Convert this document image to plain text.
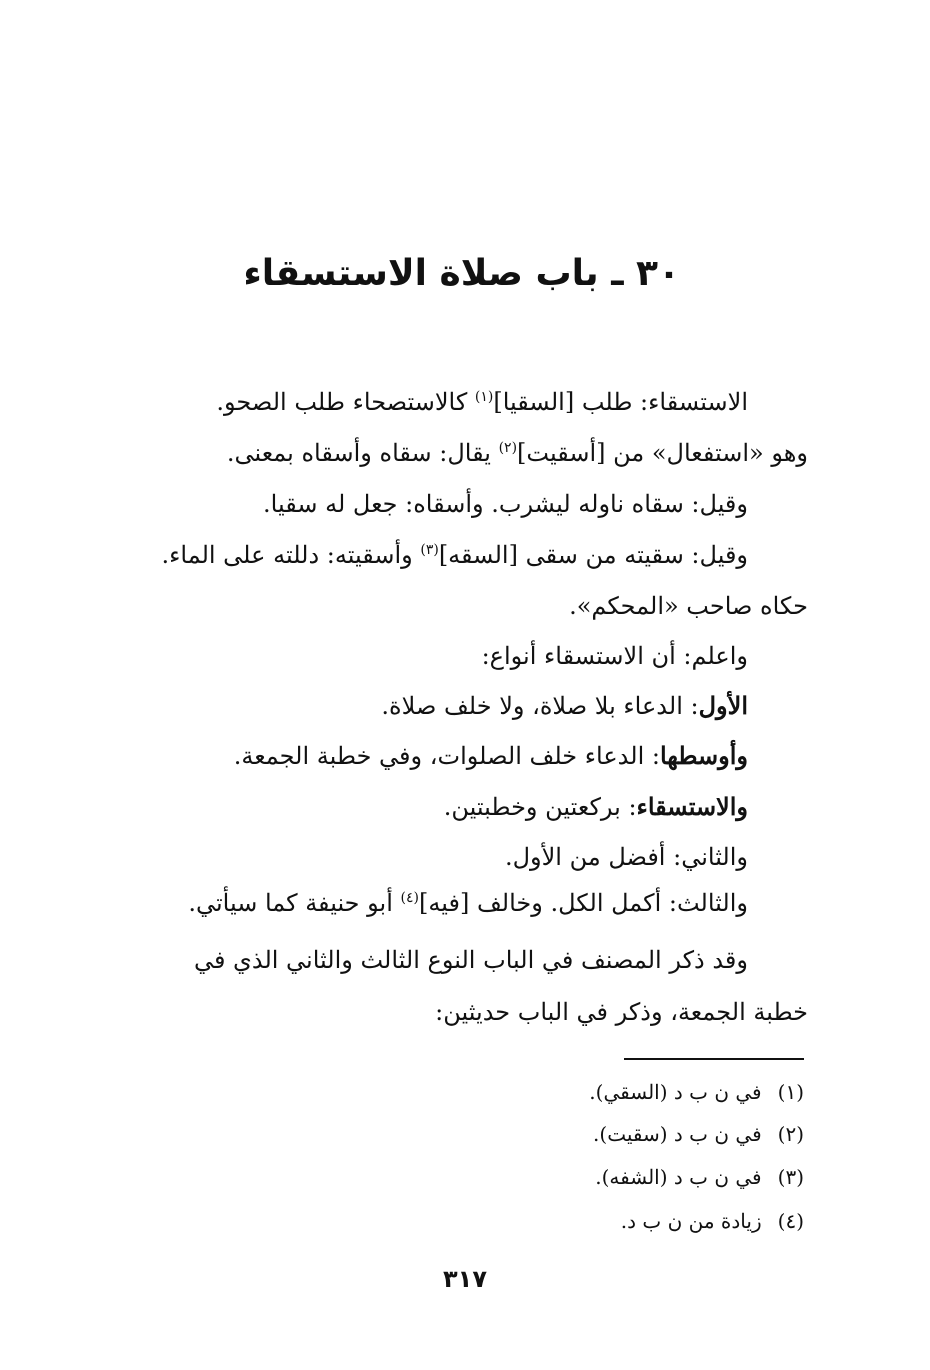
٣٠ ـ باب صلاة الاستسقاء
الاستسقاء: طلب [السقيا]$^{(١)}$ كالاستصحاء طلب الصحو.
وهو «استفعال» من [أسقيت]$^{(٢)}$ يقال: سقاه وأسقاه بمعنى.
وقيل: سقاه ناوله ليشرب. وأسقاه: جعل له سقيا.
وقيل: سقيته من سقى [السقه]$^{(٣)}$ وأسقيته: دللته على الماء.
حكاه صاحب «المحكم».
واعلم: أن الاستسقاء أنواع:
الأول: الدعاء بلا صلاة، ولا خلف صلاة.
وأوسطها: الدعاء خلف الصلوات، وفي خطبة الجمعة.
والاستسقاء: بركعتين وخطبتين.
والثاني: أفضل من الأول.
والثالث: أكمل الكل. وخالف [فيه]$^{(٤)}$ أبو حنيفة كما سيأتي.
وقد ذكر المصنف في الباب النوع الثالث والثاني الذي في
خطبة الجمعة، وذكر في الباب حديثين:
(١)في ن ب د (السقي).
(٢)في ن ب د (سقيت).
(٣)في ن ب د (الشفه).
(٤)زيادة من ن ب د.
٣١٧
